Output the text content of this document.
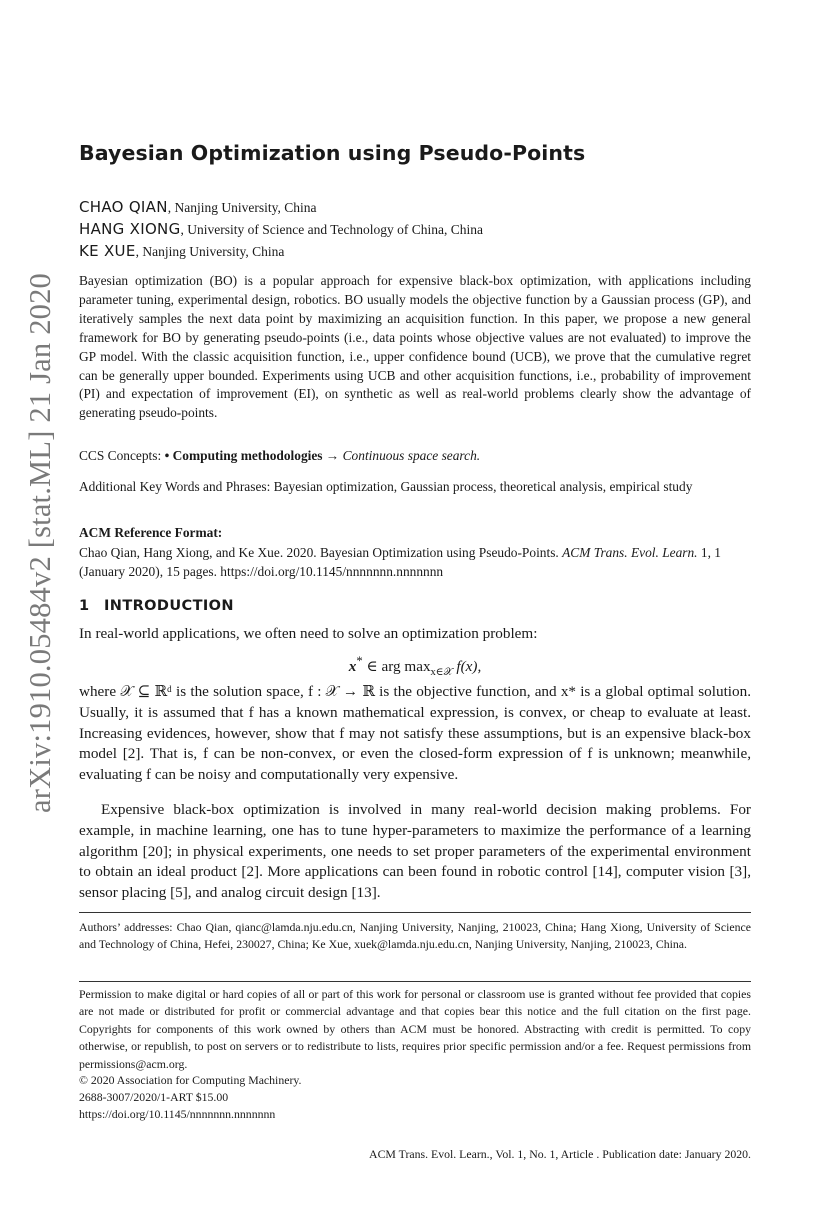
arXiv:1910.05484v2 [stat.ML] 21 Jan 2020
Bayesian Optimization using Pseudo-Points
CHAO QIAN, Nanjing University, China
HANG XIONG, University of Science and Technology of China, China
KE XUE, Nanjing University, China

Bayesian optimization (BO) is a popular approach for expensive black-box optimization, with applications including parameter tuning, experimental design, robotics. BO usually models the objective function by a Gaussian process (GP), and iteratively samples the next data point by maximizing an acquisition function. In this paper, we propose a new general framework for BO by generating pseudo-points (i.e., data points whose objective values are not evaluated) to improve the GP model. With the classic acquisition function, i.e., upper confidence bound (UCB), we prove that the cumulative regret can be generally upper bounded. Experiments using UCB and other acquisition functions, i.e., probability of improvement (PI) and expectation of improvement (EI), on synthetic as well as real-world problems clearly show the advantage of generating pseudo-points.

CCS Concepts: • Computing methodologies → Continuous space search.

Additional Key Words and Phrases: Bayesian optimization, Gaussian process, theoretical analysis, empirical study

ACM Reference Format:

Chao Qian, Hang Xiong, and Ke Xue. 2020. Bayesian Optimization using Pseudo-Points. ACM Trans. Evol. Learn. 1, 1 (January 2020), 15 pages. https://doi.org/10.1145/nnnnnnn.nnnnnnn

1 INTRODUCTION

In real-world applications, we often need to solve an optimization problem:

x* ∈ arg $\max_{x\in 𝒳} f(x)$,

where 𝒳 ⊆ ℝᵈ is the solution space, f : 𝒳 → ℝ is the objective function, and x* is a global optimal solution. Usually, it is assumed that f has a known mathematical expression, is convex, or cheap to evaluate at least. Increasing evidences, however, show that f may not satisfy these assumptions, but is an expensive black-box model [2]. That is, f can be non-convex, or even the closed-form expression of f is unknown; meanwhile, evaluating f can be noisy and computationally very expensive.

Expensive black-box optimization is involved in many real-world decision making problems. For example, in machine learning, one has to tune hyper-parameters to maximize the performance of a learning algorithm [20]; in physical experiments, one needs to set proper parameters of the experimental environment to obtain an ideal product [2]. More applications can been found in robotic control [14], computer vision [3], sensor placing [5], and analog circuit design [13].

Authors’ addresses: Chao Qian, qianc@lamda.nju.edu.cn, Nanjing University, Nanjing, 210023, China; Hang Xiong, University of Science and Technology of China, Hefei, 230027, China; Ke Xue, xuek@lamda.nju.edu.cn, Nanjing University, Nanjing, 210023, China.

Permission to make digital or hard copies of all or part of this work for personal or classroom use is granted without fee provided that copies are not made or distributed for profit or commercial advantage and that copies bear this notice and the full citation on the first page. Copyrights for components of this work owned by others than ACM must be honored. Abstracting with credit is permitted. To copy otherwise, or republish, to post on servers or to redistribute to lists, requires prior specific permission and/or a fee. Request permissions from permissions@acm.org.

© 2020 Association for Computing Machinery.
2688-3007/2020/1-ART $15.00
https://doi.org/10.1145/nnnnnnn.nnnnnnn
ACM Trans. Evol. Learn., Vol. 1, No. 1, Article . Publication date: January 2020.
